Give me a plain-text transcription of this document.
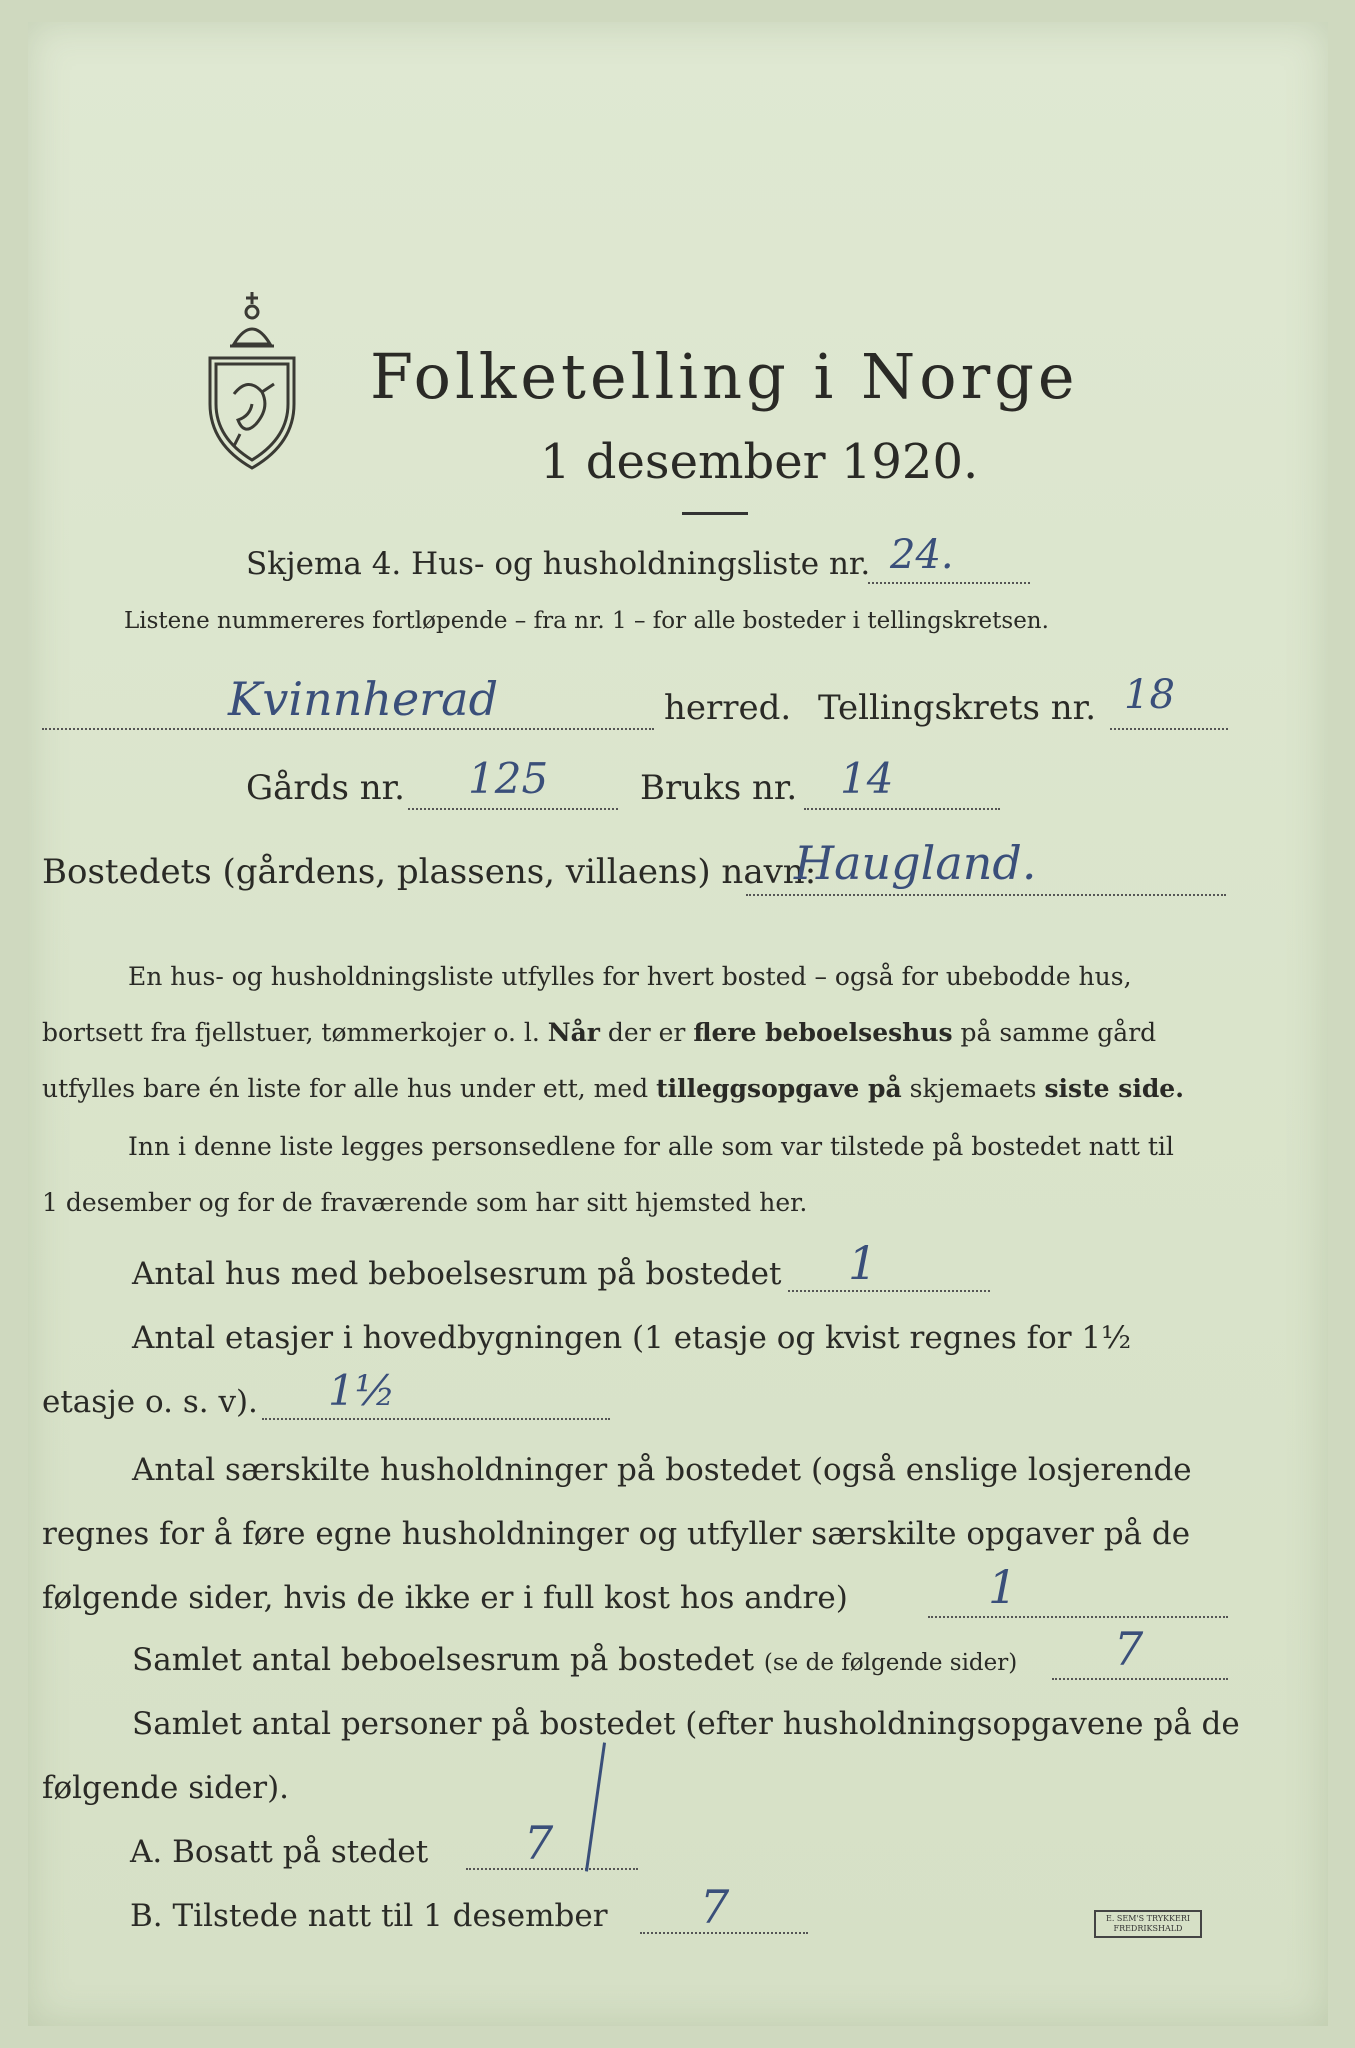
Folketelling i Norge
1 desember 1920.
Skjema 4. Hus- og husholdningsliste nr. 24.
Listene nummereres fortløpende – fra nr. 1 – for alle bosteder i tellingskretsen.
Kvinnherad	herred. Tellingskrets nr. 18
Gårds nr. 125	Bruks nr. 14
Bostedets (gårdens, plassens, villaens) navn:
Haugland.
En hus- og husholdningsliste utfylles for hvert bosted – også for ubebodde hus,
bortsett fra fjellstuer, tømmerkojer o. l. Når der er flere beboelseshus på samme gård
utfylles bare én liste for alle hus under ett, med tilleggsopgave på skjemaets siste side.
Inn i denne liste legges personsedlene for alle som var tilstede på bostedet natt til
1 desember og for de fraværende som har sitt hjemsted her.
Antal hus med beboelsesrum på bostedet 1
Antal etasjer i hovedbygningen (1 etasje og kvist regnes for 1½
etasje o. s. v). 1½
Antal særskilte husholdninger på bostedet (også enslige losjerende
regnes for å føre egne husholdninger og utfyller særskilte opgaver på de
følgende sider, hvis de ikke er i full kost hos andre)	1
Samlet antal beboelsesrum på bostedet (se de følgende sider) 7
Samlet antal personer på bostedet (efter husholdningsopgavene på de
følgende sider).
A. Bosatt på stedet 7
B. Tilstede natt til 1 desember 7	E. SEM'S TRYKKERI FREDRIKSHALD
